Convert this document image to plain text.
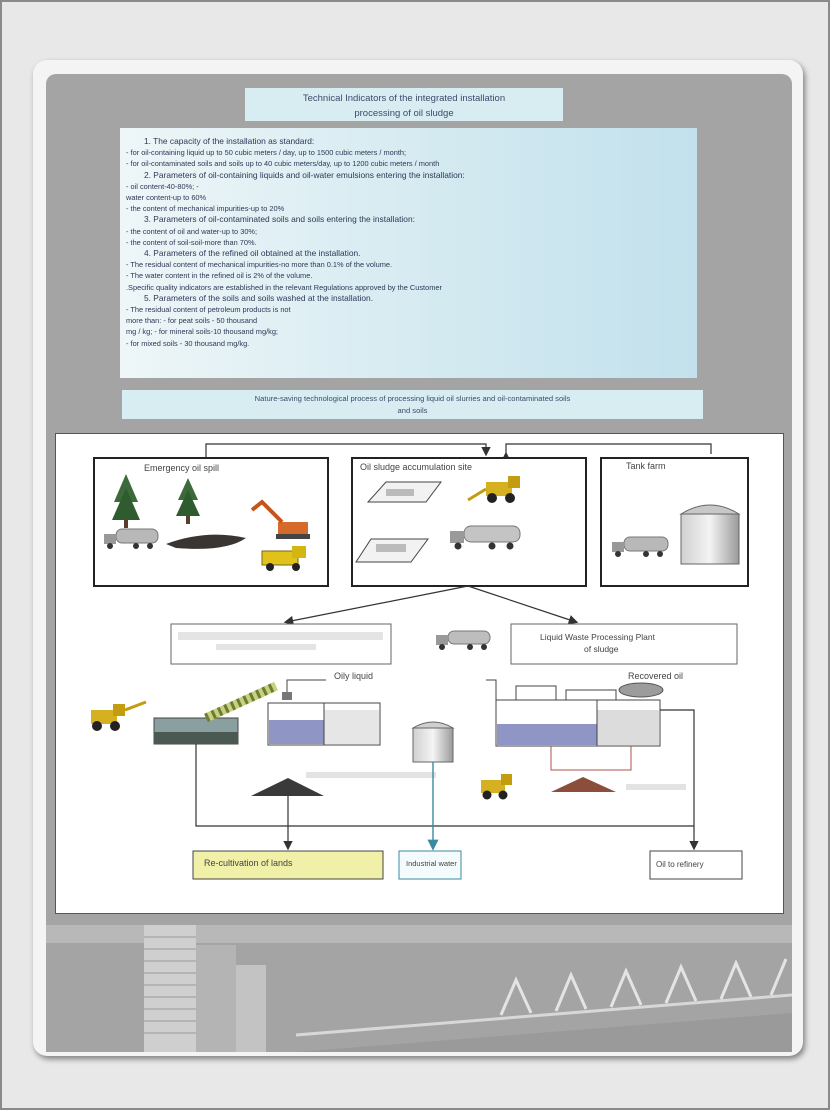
Technical Indicators of the integrated installation
processing of oil sludge
1. The capacity of the installation as standard:
- for oil-containing liquid up to 50 cubic meters / day, up to 1500 cubic meters / month;
- for oil-contaminated soils and soils up to 40 cubic meters/day, up to 1200 cubic meters / month
2. Parameters of oil-containing liquids and oil-water emulsions entering the installation:
- oil content-40-80%; -
water content-up to 60%
- the content of mechanical impurities-up to 20%
3. Parameters of oil-contaminated soils and soils entering the installation:
- the content of oil and water-up to 30%;
- the content of soil-soil-more than 70%.
4. Parameters of the refined oil obtained at the installation.
- The residual content of mechanical impurities-no more than 0.1% of the volume.
- The water content in the refined oil is 2% of the volume.
.Specific quality indicators are established in the relevant Regulations approved by the Customer
5. Parameters of the soils and soils washed at the installation.
- The residual content of petroleum products is not
more than: - for peat soils - 50 thousand
mg / kg; - for mineral soils-10 thousand mg/kg;
- for mixed soils - 30 thousand mg/kg.
Nature-saving technological process of processing liquid oil slurries and oil-contaminated soils
and soils
Emergency oil spill	Oil sludge accumulation site	Tank farm
Liquid Waste Processing Plant
of sludge
Oily liquid	Recovered oil
Re-cultivation of lands	Industrial water	Oil to refinery
